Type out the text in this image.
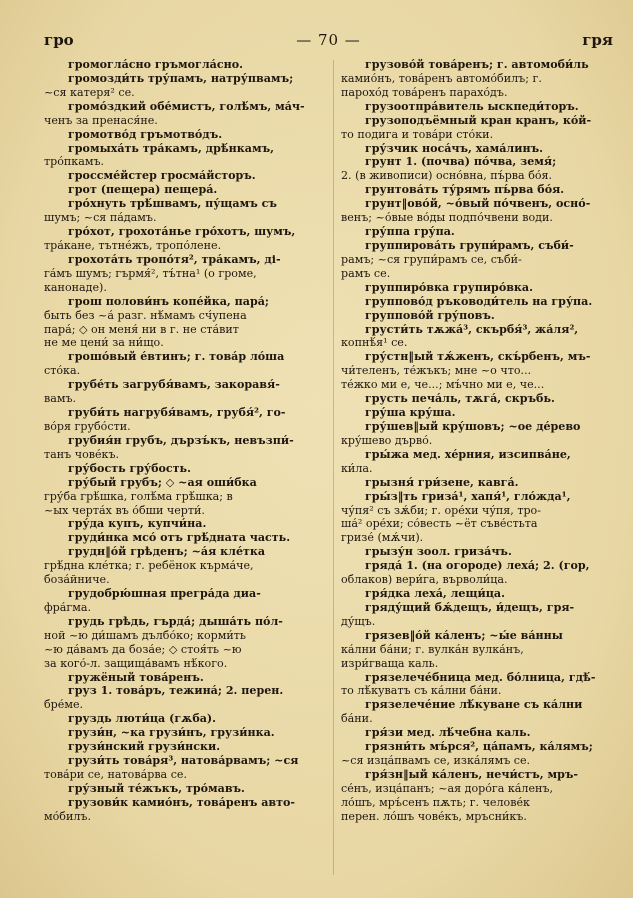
гро	— 70 —	гря
громогла́сно гръмогла́сно.
громозди́ть тру́памъ, натру́пвамъ;
~ся катеря² се.
громо́здкий обе́мистъ, голѣ́мъ, ма́ч-
ченъ за пренася́не.
громотво́д гръмотво́дъ.
громыха́ть тра́камъ, дрѣ́нкамъ,
тро́пкамъ.
гроссме́йстер гросма́йсторъ.
грот (пещера) пещера́.
гро́хнуть трѣ́швамъ, пу́щамъ съ
шумъ; ~ся па́дамъ.
гро́хот, грохота́нье гро́хотъ, шумъ,
тра́кане, тътне́жъ, тропо́лене.
грохота́ть тропо́тя², тра́камъ, ді-
га́мъ шумъ; гърмя́², тъ́тна¹ (о громе,
канонаде).
грош полови́нъ копе́йка, пара́;
быть без ~а́ разг. нѣ́мамъ сч́упена
пара́; ◇ он меня́ ни в г. не ста́вит
не ме цени́ за ни́що.
грошо́вый е́втинъ; г. това́р ло́ша
сто́ка.
грубе́ть загрубя́вамъ, закоравя́-
вамъ.
груби́ть нагрубя́вамъ, грубя́², го-
во́ря грубо́сти.
грубия́н грубъ, дързъ́къ, невъзпи́-
танъ чове́къ.
гру́бость гру́бость.
гру́бый грубъ; ◇ ~ая оши́бка
гру́ба грѣ́шка, голѣ́ма грѣ́шка; в
~ых черта́х въ о́бши черти́.
гру́да купъ, купчи́на.
груди́нка мсо́ отъ грѣ́дната часть.
грудн‖о́й грѣденъ; ~а́я кле́тка
грѣ́дна кле́тка; г. ребёнок кърма́че,
боза́йниче.
грудобрю́шная прегра́да диа-
фра́гма.
грудь грѣдь, гърда́; дыша́ть по́л-
ной ~ю ди́шамъ дълбо́ко; корми́ть
~ю да́вамъ да боза́е; ◇ стоя́ть ~ю
за кого́-л. защища́вамъ нѣ́кого.
гружёный това́ренъ.
груз 1. това́ръ, тежина́; 2. перен.
бре́ме.
груздь люти́ца (гѫба).
грузи́н, ~ка грузи́нъ, грузи́нка.
грузи́нский грузи́нски.
грузи́ть това́ря³, натова́рвамъ; ~ся
това́ри се, натова́рва се.
гру́зный те́жъкъ, тро́мавъ.
грузови́к камио́нъ, това́ренъ авто-
мо́билъ.
грузово́й това́ренъ; г. автомоби́ль
камио́нъ, това́ренъ автомо́билъ; г.
парохо́д това́ренъ парахо́дъ.
грузоотпра́витель ыскпеди́торъ.
грузоподъёмный кран кранъ, ко́й-
то подига и това́ри сто́ки.
гру́зчик носа́чъ, хама́линъ.
грунт 1. (почва) по́чва, земя́;
2. (в живописи) осно́вна, пъ́рва бо́я.
грунтова́ть ту́рямъ пъ́рва бо́я.
грунт‖ово́й, ~о́вый по́чвенъ, осно́-
венъ; ~о́вые во́ды подпо́чвени води.
гру́ппа гру́па.
группирова́ть групи́рамъ, съби́-
рамъ; ~ся групи́рамъ се, съби́-
рамъ се.
группиро́вка групиро́вка.
группово́д ръководи́тель на гру́па.
группово́й гру́повъ.
грусти́ть тѫжа́³, скърбя́³, жа́ля²,
копнѣ́я¹ се.
гру́стн‖ый тѫ́женъ, скъ́рбенъ, мъ-
чи́теленъ, те́жъкъ; мне ~о что...
те́жко ми е, че...; мъ́чно ми е, че...
грусть печа́ль, тѫга́, скръбь.
гру́ша кру́ша.
гру́шев‖ый кру́шовъ; ~ое де́рево
кру́шево дърво́.
гры́жа мед. хе́рния, изсипва́не,
ки́ла.
грызня́ гри́зене, кавга́.
гры́з‖ть гриза́¹, хапя́¹, гло́жда¹,
чу́пя² съ зѫ́би; г. оре́хи чу́пя, тро-
ша́² оре́хи; со́весть ~ёт съве́стьта
гризе́ (мѫ́чи).
грызу́н зоол. гриза́чъ.
гряда́ 1. (на огороде) леха́; 2. (гор,
облаков) вери́га, върволи́ца.
гря́дка леха́, лещи́ца.
гряду́щий бѫ́дещъ, и́дещъ, гря-
ду́щъ.
грязев‖о́й ка́ленъ; ~ы́е ва́нны
ка́лни ба́ни; г. вулка́н вулка́нъ,
изри́гваща каль.
грязелече́бница мед. бо́лница, гдѣ́-
то лѣ́куватъ съ ка́лни ба́ни.
грязелече́ние лѣ́куване съ ка́лни
ба́ни.
гря́зи мед. лѣ́чебна каль.
грязни́ть мъ́рся², ца́памъ, ка́лямъ;
~ся изца́пвамъ се, изка́лямъ се.
гря́зн‖ый ка́ленъ, нечи́стъ, мръ-
се́нъ, изца́панъ; ~ая доро́га ка́ленъ,
ло́шъ, мръ́сенъ пѫть; г. челове́к
перен. ло́шъ чове́къ, мръсни́къ.
